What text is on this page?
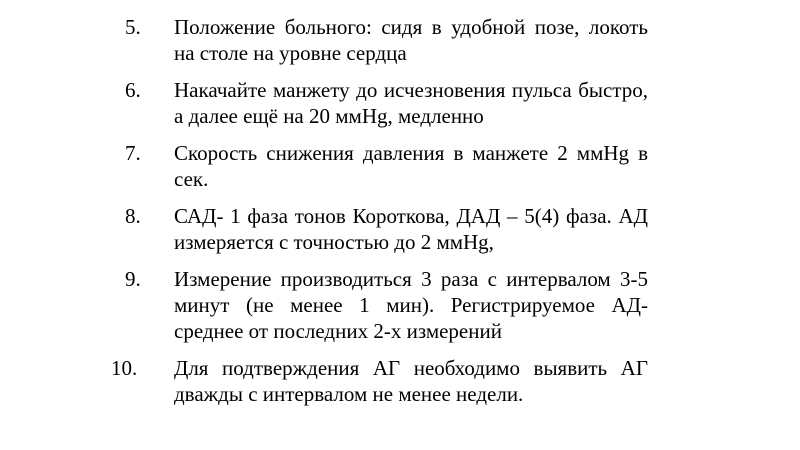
5.	Положение больного: сидя в удобной позе, локоть на столе на уровне сердца
6.	Накачайте манжету до исчезновения пульса быстро, а далее ещё на 20 ммHg, медленно
7.	Скорость снижения давления в манжете 2 ммHg в сек.
8.	САД- 1 фаза тонов Короткова, ДАД – 5(4) фаза. АД измеряется с точностью до 2 ммHg,
9.	Измерение производиться 3 раза с интервалом 3-5 минут (не менее 1 мин). Регистрируемое АД- среднее от последних 2-х измерений
10.	Для подтверждения АГ необходимо выявить АГ дважды с интервалом не менее недели.
